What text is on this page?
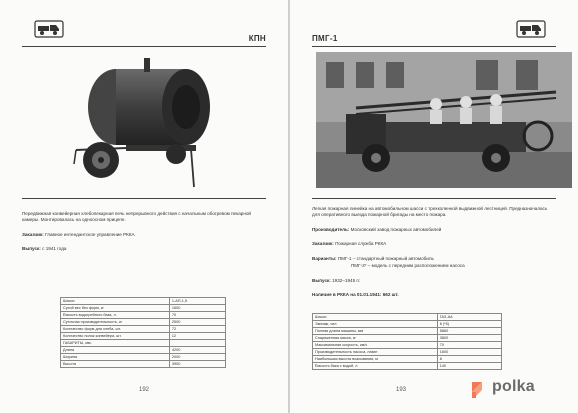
КПН
Передвижная конвейерная хлебопекарная печь непрерывного действия с начальным обогревом пекарной камеры. Монтировалась на одноосном прицепе.
Заказчик: Главное интендантское управление РККА
Выпуск: с 1941 года
Шасси	1-АП-1,5
Сухой вес без форм, кг	1600
Ёмкость водогрейного бака, л.	70
Суточная производительность, кг	2500
Количество форм для хлеба, шт.	72
Количество полок конвейера, шт.	12
ГАБАРИТЫ, мм:	
Длина	4200
Ширина	2000
Высота	3900
192
ПМГ-1
Легкая пожарная линейка на автомобильном шасси с трехколенной выдвижной лестницей. Предназначалась для оперативного выезда пожарной бригады на место пожара.
Производитель: Московский завод пожарных автомобилей
Заказчик: Пожарная служба РККА
Варианты: ПМГ-1 – стандартный пожарный автомобиль
ПМГ-3* – модель с передним расположением насоса
Выпуск: 1932–1945 гг.
Наличие в РККА на 01.01.1941: 662 шт.
Шасси	ГАЗ-АА
Экипаж, чел	8 (*5)
Полная длина машины, мм	5860
Снаряженная масса, кг	3800
Максимальная скорость, км/ч	70
Производительность насоса, л/мин	1600
Наибольшая высота всасывания, м	8
Ёмкость бака с водой, л	140
193	polka
